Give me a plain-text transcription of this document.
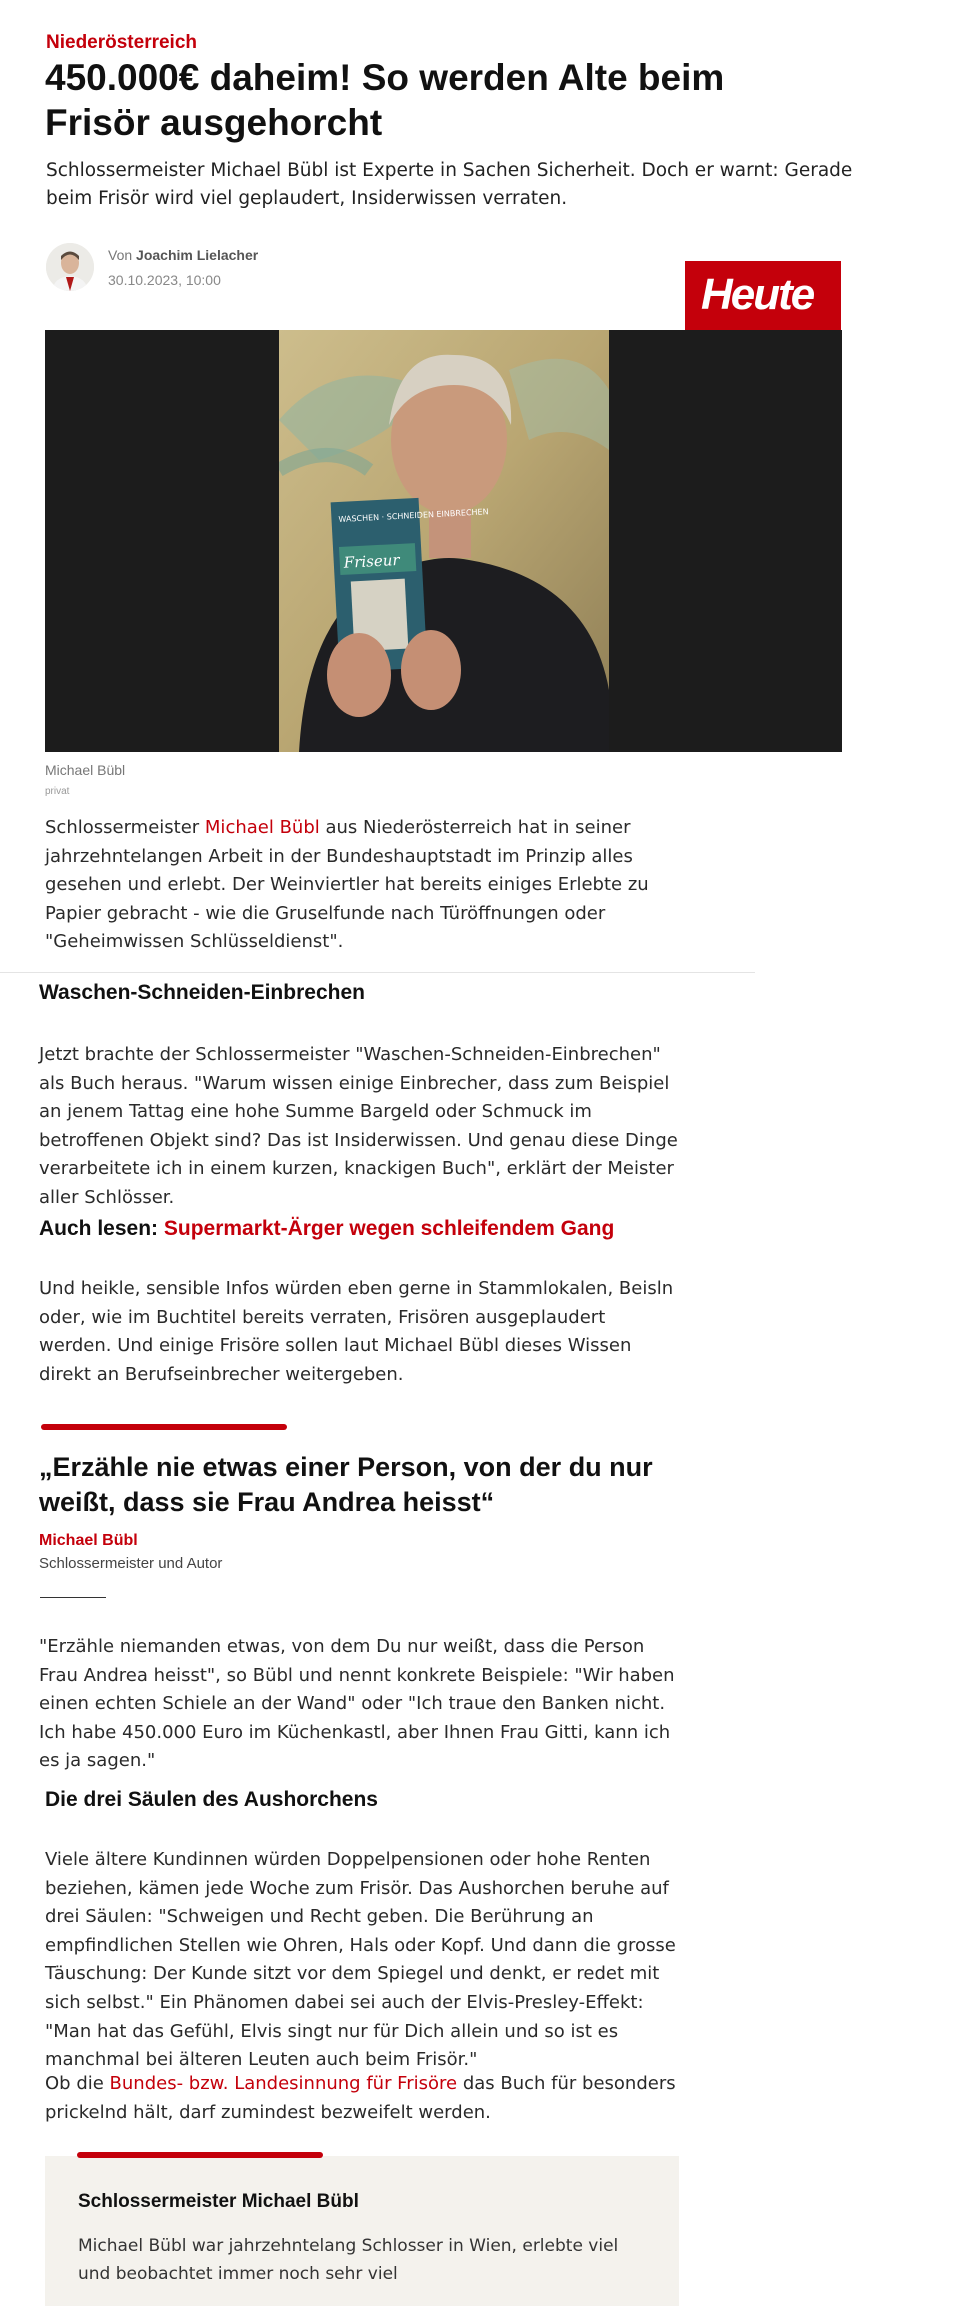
Niederösterreich
450.000€ daheim! So werden Alte beim Frisör ausgehorcht

Schlossermeister Michael Bübl ist Experte in Sachen Sicherheit. Doch er warnt: Gerade beim Frisör wird viel geplaudert, Insiderwissen verraten.

Von Joachim Lielacher
30.10.2023, 10:00	Heute
WASCHEN · SCHNEIDEN EINBRECHEN
Friseur
Michael Bübl
privat

Schlossermeister Michael Bübl aus Niederösterreich hat in seiner jahrzehntelangen Arbeit in der Bundeshauptstadt im Prinzip alles gesehen und erlebt. Der Weinviertler hat bereits einiges Erlebte zu Papier gebracht - wie die Gruselfunde nach Türöffnungen oder "Geheimwissen Schlüsseldienst".

Waschen-Schneiden-Einbrechen

Jetzt brachte der Schlossermeister "Waschen-Schneiden-Einbrechen" als Buch heraus. "Warum wissen einige Einbrecher, dass zum Beispiel an jenem Tattag eine hohe Summe Bargeld oder Schmuck im betroffenen Objekt sind? Das ist Insiderwissen. Und genau diese Dinge verarbeitete ich in einem kurzen, knackigen Buch", erklärt der Meister aller Schlösser.

Auch lesen: Supermarkt-Ärger wegen schleifendem Gang

Und heikle, sensible Infos würden eben gerne in Stammlokalen, Beisln oder, wie im Buchtitel bereits verraten, Frisören ausgeplaudert werden. Und einige Frisöre sollen laut Michael Bübl dieses Wissen direkt an Berufseinbrecher weitergeben.

„Erzähle nie etwas einer Person, von der du nur weißt, dass sie Frau Andrea heisst“
Michael Bübl
Schlossermeister und Autor

"Erzähle niemanden etwas, von dem Du nur weißt, dass die Person Frau Andrea heisst", so Bübl und nennt konkrete Beispiele: "Wir haben einen echten Schiele an der Wand" oder "Ich traue den Banken nicht. Ich habe 450.000 Euro im Küchenkastl, aber Ihnen Frau Gitti, kann ich es ja sagen."

Die drei Säulen des Aushorchens

Viele ältere Kundinnen würden Doppelpensionen oder hohe Renten beziehen, kämen jede Woche zum Frisör. Das Aushorchen beruhe auf drei Säulen: "Schweigen und Recht geben. Die Berührung an empfindlichen Stellen wie Ohren, Hals oder Kopf. Und dann die grosse Täuschung: Der Kunde sitzt vor dem Spiegel und denkt, er redet mit sich selbst." Ein Phänomen dabei sei auch der Elvis-Presley-Effekt: "Man hat das Gefühl, Elvis singt nur für Dich allein und so ist es manchmal bei älteren Leuten auch beim Frisör."

Ob die Bundes- bzw. Landesinnung für Frisöre das Buch für besonders prickelnd hält, darf zumindest bezweifelt werden.

Schlossermeister Michael Bübl

Michael Bübl war jahrzehntelang Schlosser in Wien, erlebte viel und beobachtet immer noch sehr viel
